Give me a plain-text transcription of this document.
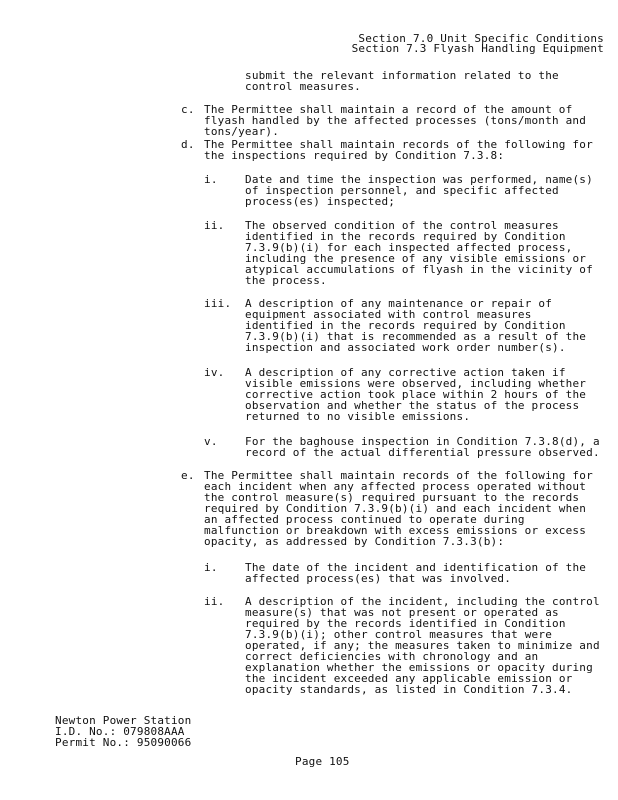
Section 7.0 Unit Specific Conditions
Section 7.3 Flyash Handling Equipment
submit the relevant information related to the control measures.
c. The Permittee shall maintain a record of the amount of flyash handled by the affected processes (tons/month and tons/year).
d. The Permittee shall maintain records of the following for the inspections required by Condition 7.3.8:
i. Date and time the inspection was performed, name(s) of inspection personnel, and specific affected process(es) inspected;
ii. The observed condition of the control measures identified in the records required by Condition 7.3.9(b)(i) for each inspected affected process, including the presence of any visible emissions or atypical accumulations of flyash in the vicinity of the process.
iii. A description of any maintenance or repair of equipment associated with control measures identified in the records required by Condition 7.3.9(b)(i) that is recommended as a result of the inspection and associated work order number(s).
iv. A description of any corrective action taken if visible emissions were observed, including whether corrective action took place within 2 hours of the observation and whether the status of the process returned to no visible emissions.
v. For the baghouse inspection in Condition 7.3.8(d), a record of the actual differential pressure observed.
e. The Permittee shall maintain records of the following for each incident when any affected process operated without the control measure(s) required pursuant to the records required by Condition 7.3.9(b)(i) and each incident when an affected process continued to operate during malfunction or breakdown with excess emissions or excess opacity, as addressed by Condition 7.3.3(b):
i. The date of the incident and identification of the affected process(es) that was involved.
ii. A description of the incident, including the control measure(s) that was not present or operated as required by the records identified in Condition 7.3.9(b)(i); other control measures that were operated, if any; the measures taken to minimize and correct deficiencies with chronology and an explanation whether the emissions or opacity during the incident exceeded any applicable emission or opacity standards, as listed in Condition 7.3.4.
Newton Power Station
I.D. No.: 079808AAA
Permit No.: 95090066
Page 105
